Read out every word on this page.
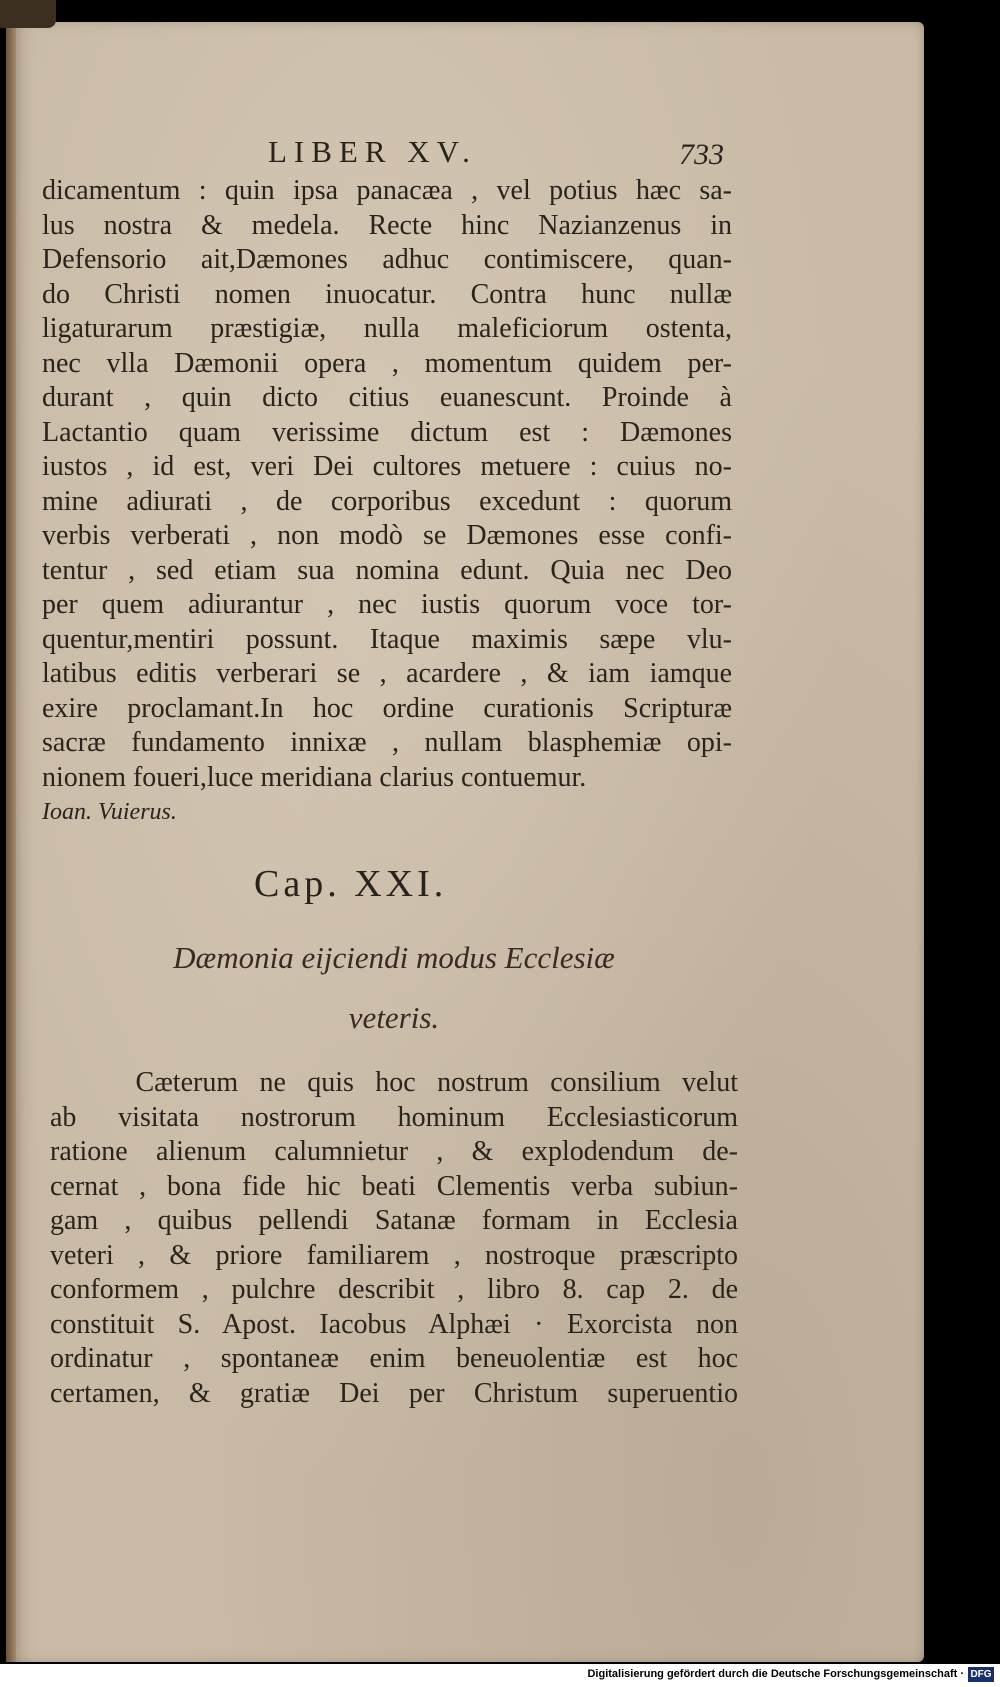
LIBER XV.	733
dicamentum : quin ipsa panacæa , vel potius hæc sa-
lus nostra & medela. Recte hinc Nazianzenus in
Defensorio ait,Dæmones adhuc contimiscere, quan-
do Christi nomen inuocatur. Contra hunc nullæ
ligaturarum præstigiæ, nulla maleficiorum ostenta,
nec vlla Dæmonii opera , momentum quidem per-
durant , quin dicto citius euanescunt. Proinde à
Lactantio quam verissime dictum est : Dæmones
iustos , id est, veri Dei cultores metuere : cuius no-
mine adiurati , de corporibus excedunt : quorum
verbis verberati , non modò se Dæmones esse confi-
tentur , sed etiam sua nomina edunt. Quia nec Deo
per quem adiurantur , nec iustis quorum voce tor-
quentur,mentiri possunt. Itaque maximis sæpe vlu-
latibus editis verberari se , acardere , & iam iamque
exire proclamant.In hoc ordine curationis Scripturæ
sacræ fundamento innixæ , nullam blasphemiæ opi-
nionem foueri,luce meridiana clarius contuemur.
Ioan. Vuierus.
Cap. XXI.
Dæmonia eijciendi modus Ecclesiæ
veteris.
Cæterum ne quis hoc nostrum consilium velut
ab visitata nostrorum hominum Ecclesiasticorum
ratione alienum calumnietur , & explodendum de-
cernat , bona fide hic beati Clementis verba subiun-
gam , quibus pellendi Satanæ formam in Ecclesia
veteri , & priore familiarem , nostroque præscripto
conformem , pulchre describit , libro 8. cap 2. de
constituit S. Apost. Iacobus Alphæi · Exorcista non
ordinatur , spontaneæ enim beneuolentiæ est hoc
certamen, & gratiæ Dei per Christum superuentio
Digitalisierung gefördert durch die Deutsche Forschungsgemeinschaft · DFG
